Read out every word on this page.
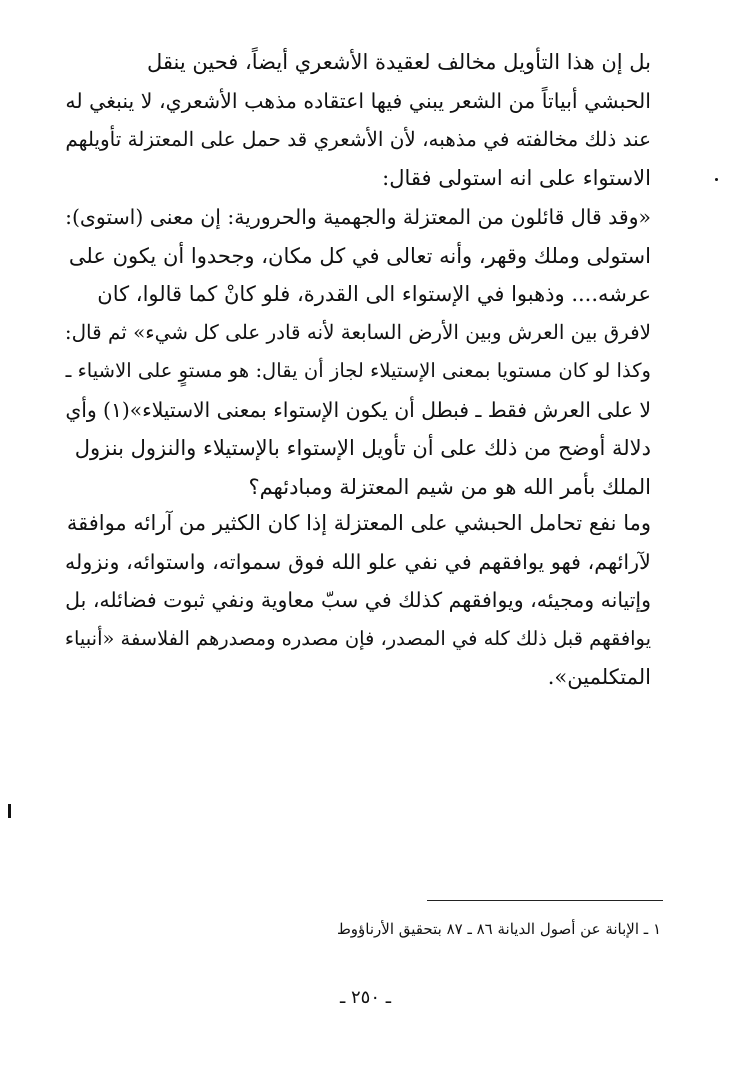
بل إن هذا التأويل مخالف لعقيدة الأشعري أيضاً، فحين ينقل
الحبشي أبياتاً من الشعر يبني فيها اعتقاده مذهب الأشعري، لا ينبغي له
عند ذلك مخالفته في مذهبه، لأن الأشعري قد حمل على المعتزلة تأويلهم
الاستواء على انه استولى فقال:
«وقد قال قائلون من المعتزلة والجهمية والحرورية: إن معنى (استوى):
استولى وملك وقهر، وأنه تعالى في كل مكان، وجحدوا أن يكون على
عرشه.... وذهبوا في الإستواء الى القدرة، فلو كانْ كما قالوا، كان
لافرق بين العرش وبين الأرض السابعة لأنه قادر على كل شيء» ثم قال:
وكذا لو كان مستويا بمعنى الإستيلاء لجاز أن يقال: هو مستوٍ على الاشياء ـ
لا على العرش فقط ـ فبطل أن يكون الإستواء بمعنى الاستيلاء»(١) وأي
دلالة أوضح من ذلك على أن تأويل الإستواء بالإستيلاء والنزول بنزول
الملك بأمر الله هو من شيم المعتزلة ومبادئهم؟
وما نفع تحامل الحبشي على المعتزلة إذا كان الكثير من آرائه موافقة
لآرائهم، فهو يوافقهم في نفي علو الله فوق سمواته، واستوائه، ونزوله
وإتيانه ومجيئه، ويوافقهم كذلك في سبّ معاوية ونفي ثبوت فضائله، بل
يوافقهم قبل ذلك كله في المصدر، فإن مصدره ومصدرهم الفلاسفة «أنبياء
المتكلمين».
١ ـ الإبانة عن أصول الديانة ٨٦ ـ ٨٧ بتحقيق الأرناؤوط
ـ ٢٥٠ ـ
